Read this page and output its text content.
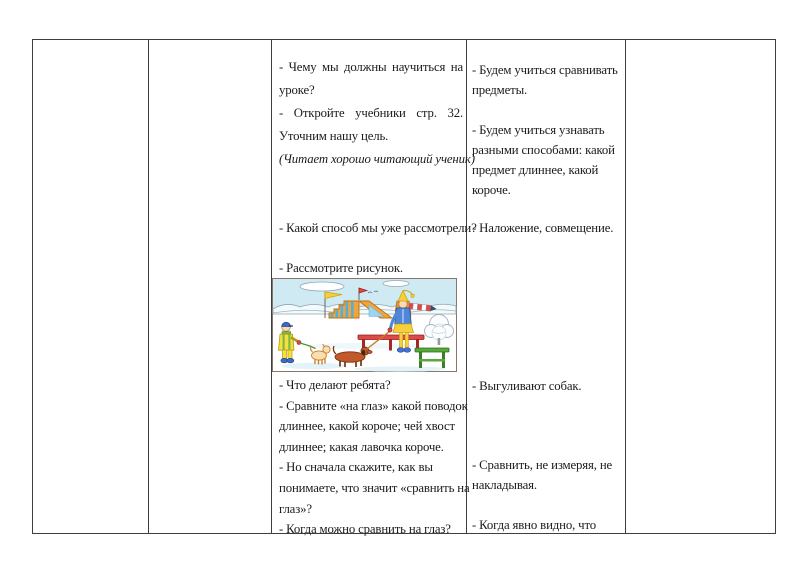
- Чему мы должны научиться на
уроке?
- Откройте учебники стр. 32.
Уточним нашу цель.
(Читает хорошо читающий ученик)
- Какой способ мы уже рассмотрели?
- Рассмотрите рисунок.
- Что делают ребята?
- Сравните «на глаз» какой поводок
длиннее, какой короче; чей хвост
длиннее; какая лавочка короче.
- Но сначала скажите, как вы
понимаете, что значит «сравнить на
глаз»?
- Когда можно сравнить на глаз?
- Будем учиться сравнивать
предметы.
- Будем учиться узнавать
разными способами: какой
предмет длиннее, какой
короче.
- Наложение, совмещение.
- Выгуливают собак.
- Сравнить, не измеряя, не
накладывая.
- Когда явно видно, что
